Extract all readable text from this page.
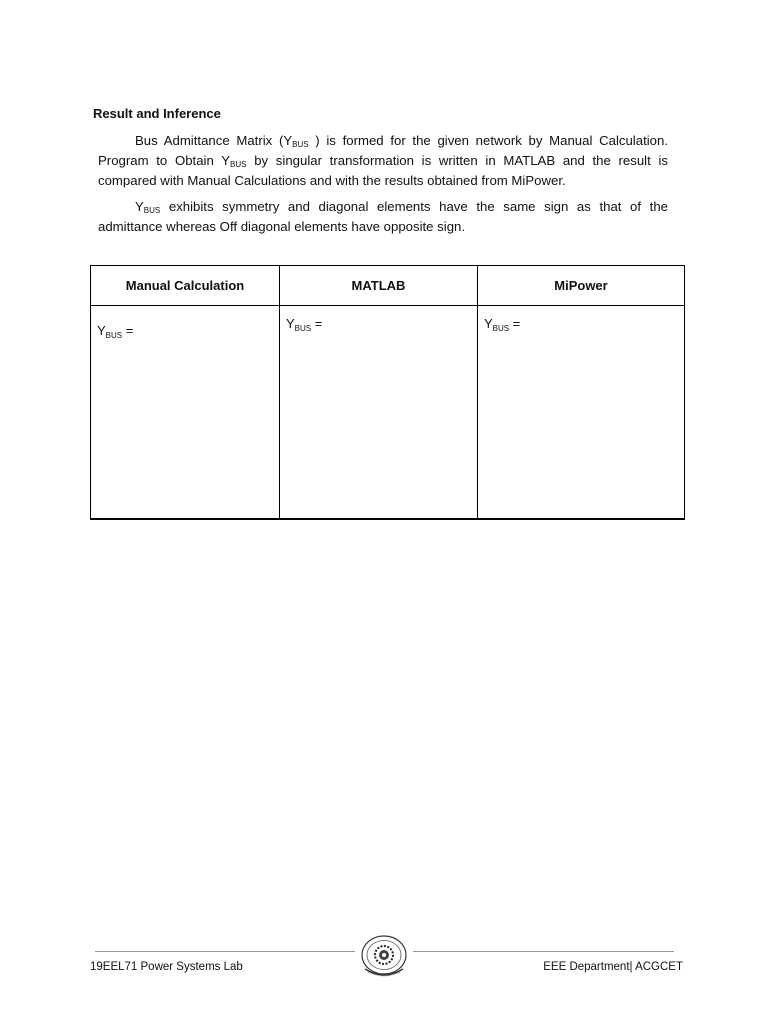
Result and Inference

Bus Admittance Matrix ($Y_{BUS}$ ) is formed for the given network by Manual Calculation. Program to Obtain $Y_{BUS}$ by singular transformation is written in MATLAB and the result is compared with Manual Calculations and with the results obtained from MiPower.

$Y_{BUS}$ exhibits symmetry and diagonal elements have the same sign as that of the admittance whereas Off diagonal elements have opposite sign.

Manual Calculation	MATLAB	MiPower

$Y_{BUS}$ =	$Y_{BUS}$ =	$Y_{BUS}$ =
19EEL71 Power Systems Lab	EEE Department| ACGCET
